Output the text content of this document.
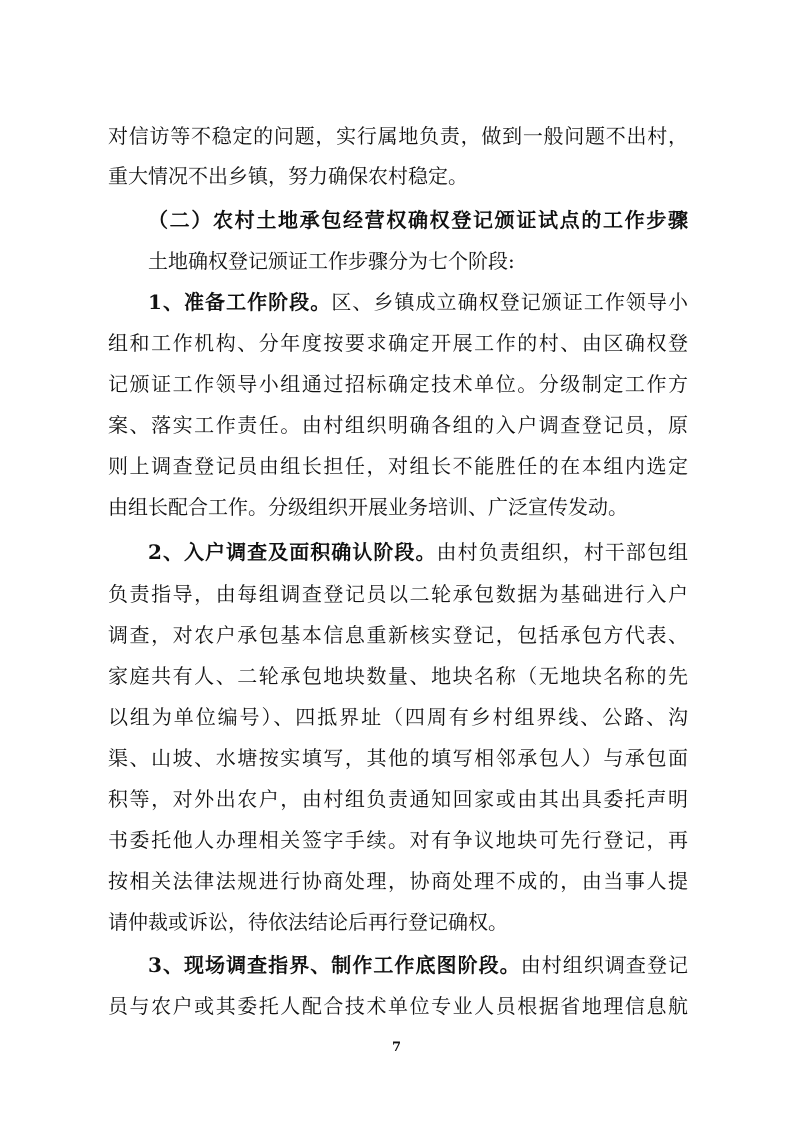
对信访等不稳定的问题，实行属地负责，做到一般问题不出村，
重大情况不出乡镇，努力确保农村稳定。
（二）农村土地承包经营权确权登记颁证试点的工作步骤
土地确权登记颁证工作步骤分为七个阶段:
1、准备工作阶段。区、乡镇成立确权登记颁证工作领导小
组和工作机构、分年度按要求确定开展工作的村、由区确权登
记颁证工作领导小组通过招标确定技术单位。分级制定工作方
案、落实工作责任。由村组织明确各组的入户调查登记员，原
则上调查登记员由组长担任，对组长不能胜任的在本组内选定
由组长配合工作。分级组织开展业务培训、广泛宣传发动。
2、入户调查及面积确认阶段。由村负责组织，村干部包组
负责指导，由每组调查登记员以二轮承包数据为基础进行入户
调查，对农户承包基本信息重新核实登记，包括承包方代表、
家庭共有人、二轮承包地块数量、地块名称（无地块名称的先
以组为单位编号）、四抵界址（四周有乡村组界线、公路、沟
渠、山坡、水塘按实填写，其他的填写相邻承包人）与承包面
积等，对外出农户，由村组负责通知回家或由其出具委托声明
书委托他人办理相关签字手续。对有争议地块可先行登记，再
按相关法律法规进行协商处理，协商处理不成的，由当事人提
请仲裁或诉讼，待依法结论后再行登记确权。
3、现场调查指界、制作工作底图阶段。由村组织调查登记
员与农户或其委托人配合技术单位专业人员根据省地理信息航
7
